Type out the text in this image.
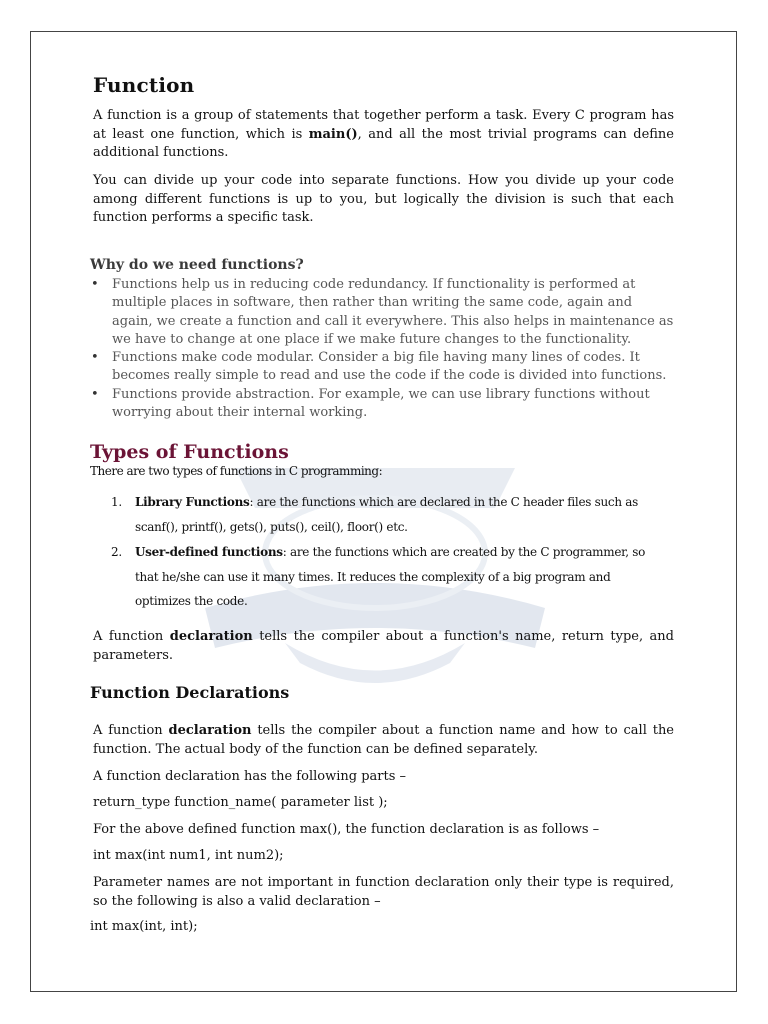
Function
A function is a group of statements that together perform a task. Every C program has at least one function, which is main(), and all the most trivial programs can define additional functions.
You can divide up your code into separate functions. How you divide up your code among different functions is up to you, but logically the division is such that each function performs a specific task.
Why do we need functions?
• Functions help us in reducing code redundancy. If functionality is performed at multiple places in software, then rather than writing the same code, again and again, we create a function and call it everywhere. This also helps in maintenance as we have to change at one place if we make future changes to the functionality.
• Functions make code modular. Consider a big file having many lines of codes. It becomes really simple to read and use the code if the code is divided into functions.
• Functions provide abstraction. For example, we can use library functions without worrying about their internal working.
Types of Functions
There are two types of functions in C programming:
1. Library Functions: are the functions which are declared in the C header files such as scanf(), printf(), gets(), puts(), ceil(), floor() etc.
2. User-defined functions: are the functions which are created by the C programmer, so that he/she can use it many times. It reduces the complexity of a big program and optimizes the code.
A function declaration tells the compiler about a function's name, return type, and parameters.
Function Declarations
A function declaration tells the compiler about a function name and how to call the function. The actual body of the function can be defined separately.
A function declaration has the following parts –
return_type function_name( parameter list );
For the above defined function max(), the function declaration is as follows –
int max(int num1, int num2);
Parameter names are not important in function declaration only their type is required, so the following is also a valid declaration –
int max(int, int);
